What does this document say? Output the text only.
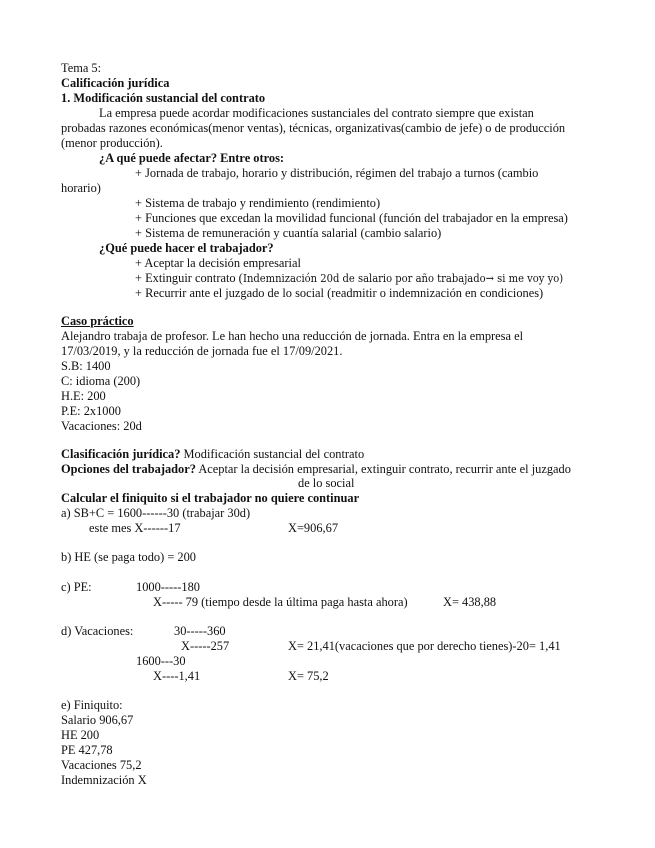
Tema 5:
Calificación jurídica
1. Modificación sustancial del contrato
La empresa puede acordar modificaciones sustanciales del contrato siempre que existan
probadas razones económicas(menor ventas), técnicas, organizativas(cambio de jefe) o de producción
(menor producción).
¿A qué puede afectar? Entre otros:
+ Jornada de trabajo, horario y distribución, régimen del trabajo a turnos (cambio
horario)
+ Sistema de trabajo y rendimiento (rendimiento)
+ Funciones que excedan la movilidad funcional (función del trabajador en la empresa)
+ Sistema de remuneración y cuantía salarial (cambio salario)
¿Qué puede hacer el trabajador?
+ Aceptar la decisión empresarial
+ Extinguir contrato (Indemnización 20d de salario por año trabajado→ si me voy yo)
+ Recurrir ante el juzgado de lo social (readmitir o indemnización en condiciones)
Caso práctico
Alejandro trabaja de profesor. Le han hecho una reducción de jornada. Entra en la empresa el
17/03/2019, y la reducción de jornada fue el 17/09/2021.
S.B: 1400
C: idioma (200)
H.E: 200
P.E: 2x1000
Vacaciones: 20d
Clasificación jurídica? Modificación sustancial del contrato
Opciones del trabajador? Aceptar la decisión empresarial, extinguir contrato, recurrir ante el juzgado
de lo social
Calcular el finiquito si el trabajador no quiere continuar
a) SB+C = 1600------30 (trabajar 30d)
este mes X------17	X=906,67
b) HE (se paga todo) = 200
c) PE:	1000-----180
X----- 79 (tiempo desde la última paga hasta ahora)	X= 438,88
d) Vacaciones:	30-----360
X-----257	X= 21,41(vacaciones que por derecho tienes)-20= 1,41
1600---30
X----1,41	X= 75,2
e) Finiquito:
Salario 906,67
HE 200
PE 427,78
Vacaciones 75,2
Indemnización X
